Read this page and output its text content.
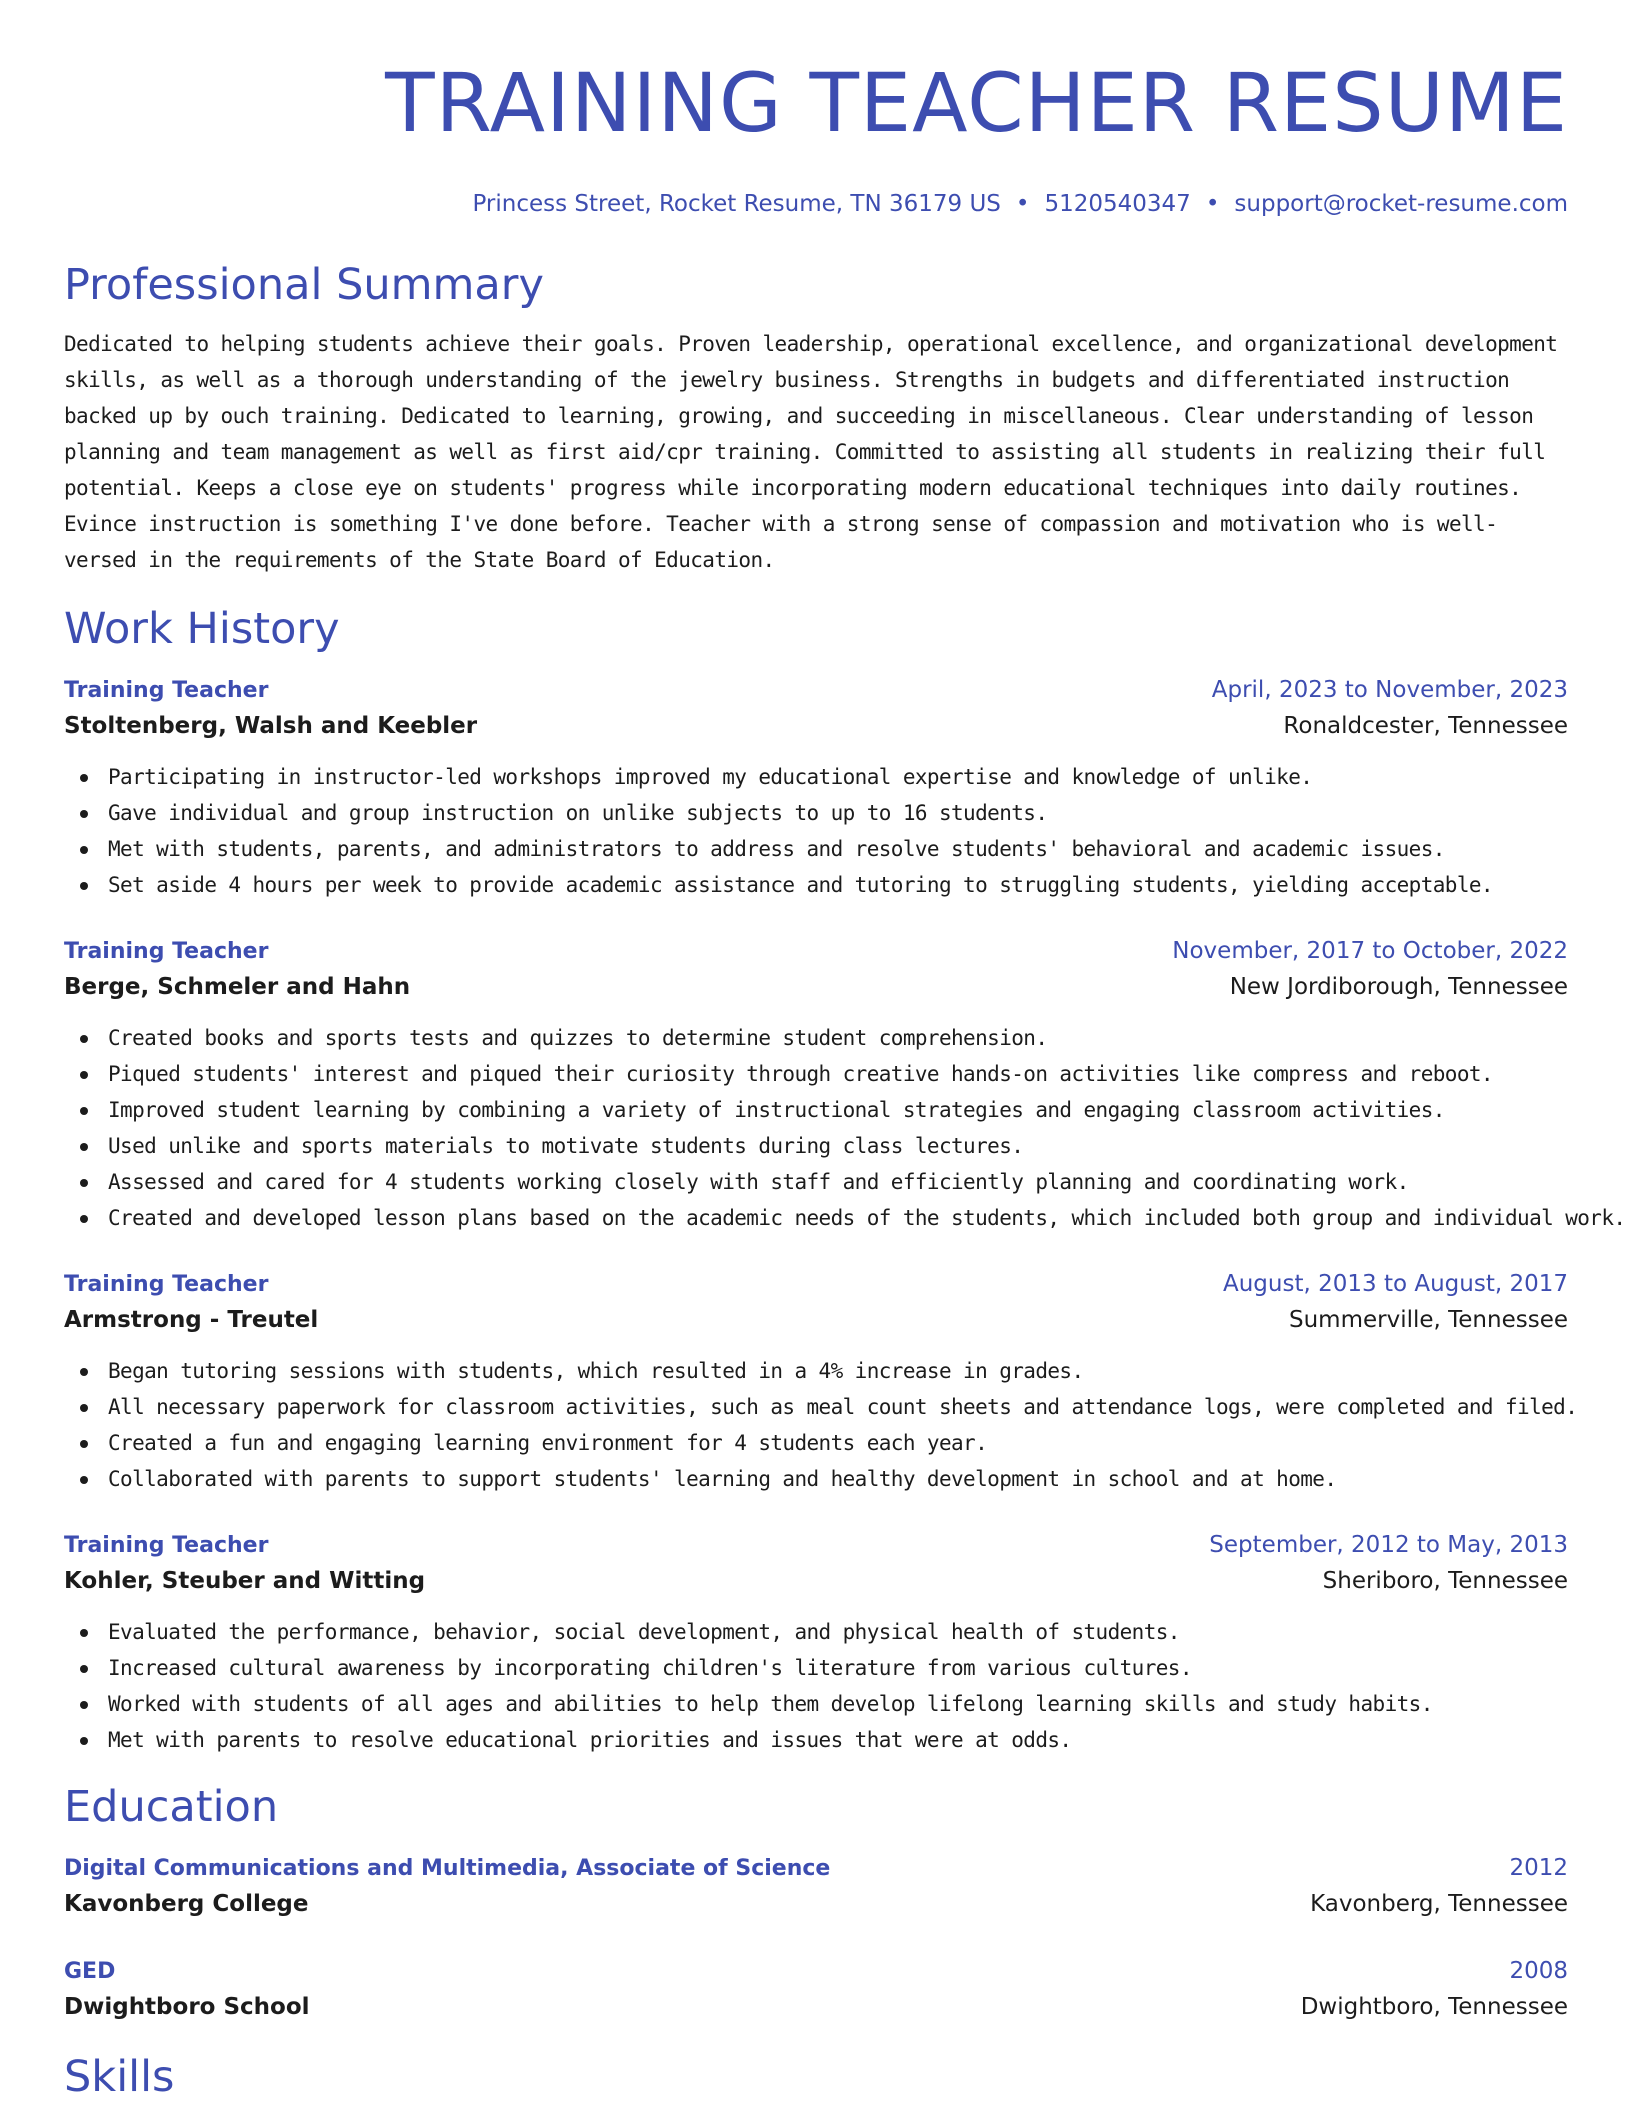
TRAINING TEACHER RESUME
Princess Street, Rocket Resume, TN 36179 US • 5120540347 • support@rocket-resume.com
Professional Summary

Dedicated to helping students achieve their goals. Proven leadership, operational excellence, and organizational development skills, as well as a thorough understanding of the jewelry business. Strengths in budgets and differentiated instruction backed up by ouch training. Dedicated to learning, growing, and succeeding in miscellaneous. Clear understanding of lesson planning and team management as well as first aid/cpr training. Committed to assisting all students in realizing their full potential. Keeps a close eye on students' progress while incorporating modern educational techniques into daily routines. Evince instruction is something I've done before. Teacher with a strong sense of compassion and motivation who is well-versed in the requirements of the State Board of Education.

Work History
Training Teacher	April, 2023 to November, 2023
Stoltenberg, Walsh and Keebler	Ronaldcester, Tennessee
Participating in instructor-led workshops improved my educational expertise and knowledge of unlike.
Gave individual and group instruction on unlike subjects to up to 16 students.
Met with students, parents, and administrators to address and resolve students' behavioral and academic issues.
Set aside 4 hours per week to provide academic assistance and tutoring to struggling students, yielding acceptable.
Training Teacher	November, 2017 to October, 2022
Berge, Schmeler and Hahn	New Jordiborough, Tennessee
Created books and sports tests and quizzes to determine student comprehension.
Piqued students' interest and piqued their curiosity through creative hands-on activities like compress and reboot.
Improved student learning by combining a variety of instructional strategies and engaging classroom activities.
Used unlike and sports materials to motivate students during class lectures.
Assessed and cared for 4 students working closely with staff and efficiently planning and coordinating work.
Created and developed lesson plans based on the academic needs of the students, which included both group and individual work.
Training Teacher	August, 2013 to August, 2017
Armstrong - Treutel	Summerville, Tennessee
Began tutoring sessions with students, which resulted in a 4% increase in grades.
All necessary paperwork for classroom activities, such as meal count sheets and attendance logs, were completed and filed.
Created a fun and engaging learning environment for 4 students each year.
Collaborated with parents to support students' learning and healthy development in school and at home.
Training Teacher	September, 2012 to May, 2013
Kohler, Steuber and Witting	Sheriboro, Tennessee
Evaluated the performance, behavior, social development, and physical health of students.
Increased cultural awareness by incorporating children's literature from various cultures.
Worked with students of all ages and abilities to help them develop lifelong learning skills and study habits.
Met with parents to resolve educational priorities and issues that were at odds.
Education
Digital Communications and Multimedia, Associate of Science	2012
Kavonberg College	Kavonberg, Tennessee
GED	2008
Dwightboro School	Dwightboro, Tennessee
Skills
